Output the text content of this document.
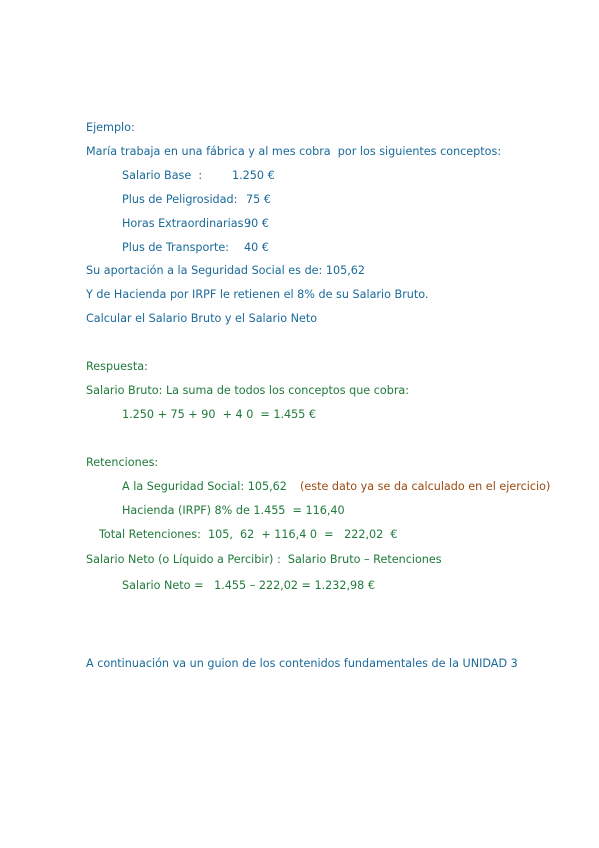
Ejemplo:
María trabaja en una fábrica y al mes cobra  por los siguientes conceptos:
Salario Base  :	1.250 €
Plus de Peligrosidad: 75 €
Horas Extraordinarias :
90 €
Plus de Transporte: 40 €
Su aportación a la Seguridad Social es de: 105,62
Y de Hacienda por IRPF le retienen el 8% de su Salario Bruto.
Calcular el Salario Bruto y el Salario Neto
Respuesta:
Salario Bruto: La suma de todos los conceptos que cobra:
1.250 + 75 + 90  + 4 0  = 1.455 €
Retenciones:
A la Seguridad Social: 105,62 (este dato ya se da calculado en el ejercicio)
Hacienda (IRPF) 8% de 1.455  = 116,40
Total Retenciones:  105,  62  + 116,4 0  =   222,02  €
Salario Neto (o Líquido a Percibir) :  Salario Bruto – Retenciones
Salario Neto =   1.455 – 222,02 = 1.232,98 €
A continuación va un guion de los contenidos fundamentales de la UNIDAD 3
